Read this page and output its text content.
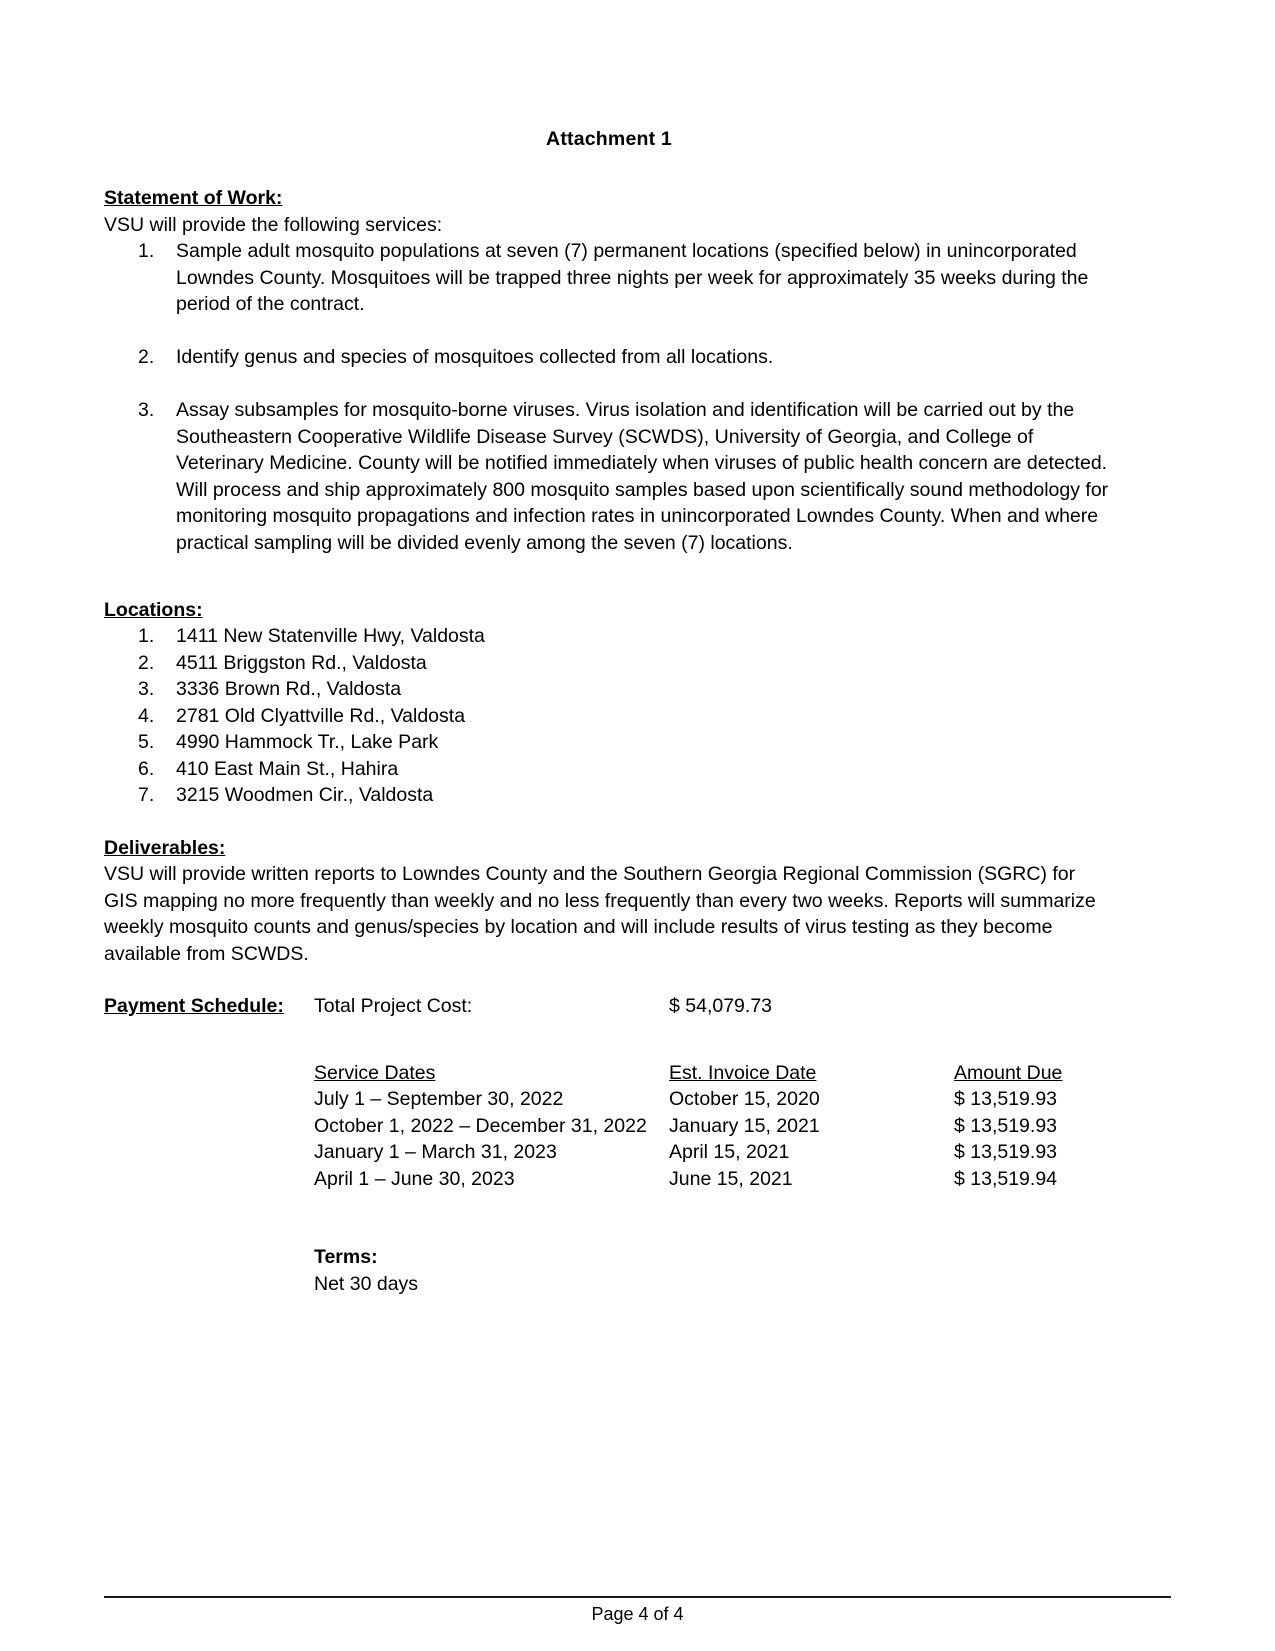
Attachment 1
Statement of Work:

VSU will provide the following services:

1.	Sample adult mosquito populations at seven (7) permanent locations (specified below) in unincorporated Lowndes County. Mosquitoes will be trapped three nights per week for approximately 35 weeks during the period of the contract.
2.	Identify genus and species of mosquitoes collected from all locations.
3.	Assay subsamples for mosquito-borne viruses. Virus isolation and identification will be carried out by the Southeastern Cooperative Wildlife Disease Survey (SCWDS), University of Georgia, and College of Veterinary Medicine. County will be notified immediately when viruses of public health concern are detected. Will process and ship approximately 800 mosquito samples based upon scientifically sound methodology for monitoring mosquito propagations and infection rates in unincorporated Lowndes County. When and where practical sampling will be divided evenly among the seven (7) locations.
Locations:
1.	1411 New Statenville Hwy, Valdosta
2.	4511 Briggston Rd., Valdosta
3.	3336 Brown Rd., Valdosta
4.	2781 Old Clyattville Rd., Valdosta
5.	4990 Hammock Tr., Lake Park
6.	410 East Main St., Hahira
7.	3215 Woodmen Cir., Valdosta
Deliverables:

VSU will provide written reports to Lowndes County and the Southern Georgia Regional Commission (SGRC) for GIS mapping no more frequently than weekly and no less frequently than every two weeks. Reports will summarize weekly mosquito counts and genus/species by location and will include results of virus testing as they become available from SCWDS.

Payment Schedule:	Total Project Cost:	$ 54,079.73
Service Dates	Est. Invoice Date	Amount Due
July 1 – September 30, 2022	October 15, 2020	$ 13,519.93
October 1, 2022 – December 31, 2022	January 15, 2021	$ 13,519.93
January 1 – March 31, 2023	April 15, 2021	$ 13,519.93
April 1 – June 30, 2023	June 15, 2021	$ 13,519.94
Terms:
Net 30 days
Page 4 of 4
